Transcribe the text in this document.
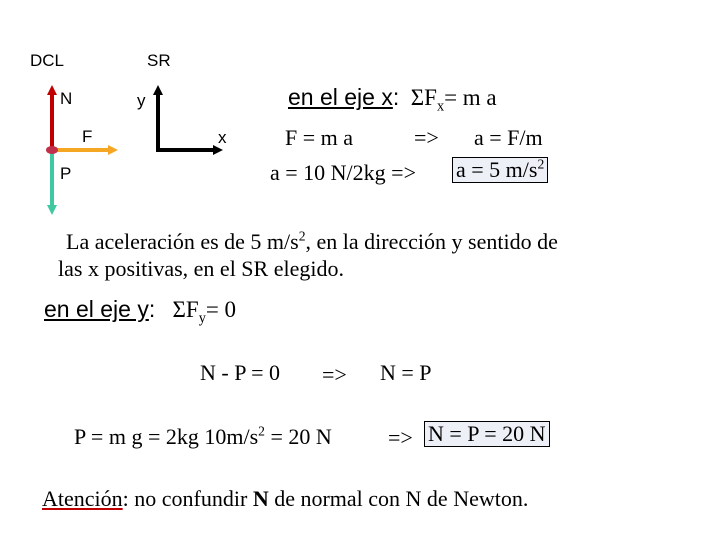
DCL	SR
N
F
P
y
x
en el eje x: $\Sigma F_x= m$ a
F = m a	=> a = F/m
a = 10 N/2kg => a = 5 $m/s^2$
La aceleración es de 5 $m/s^2$, en la dirección y sentido de
las x positivas, en el SR elegido.
en el eje y: $\Sigma F_y= 0$
N - P = 0 => N = P
P = m g = 2kg $10m/s^2 = 20$ N	=> N = P = 20 N
Atención: no confundir N de normal con N de Newton.
